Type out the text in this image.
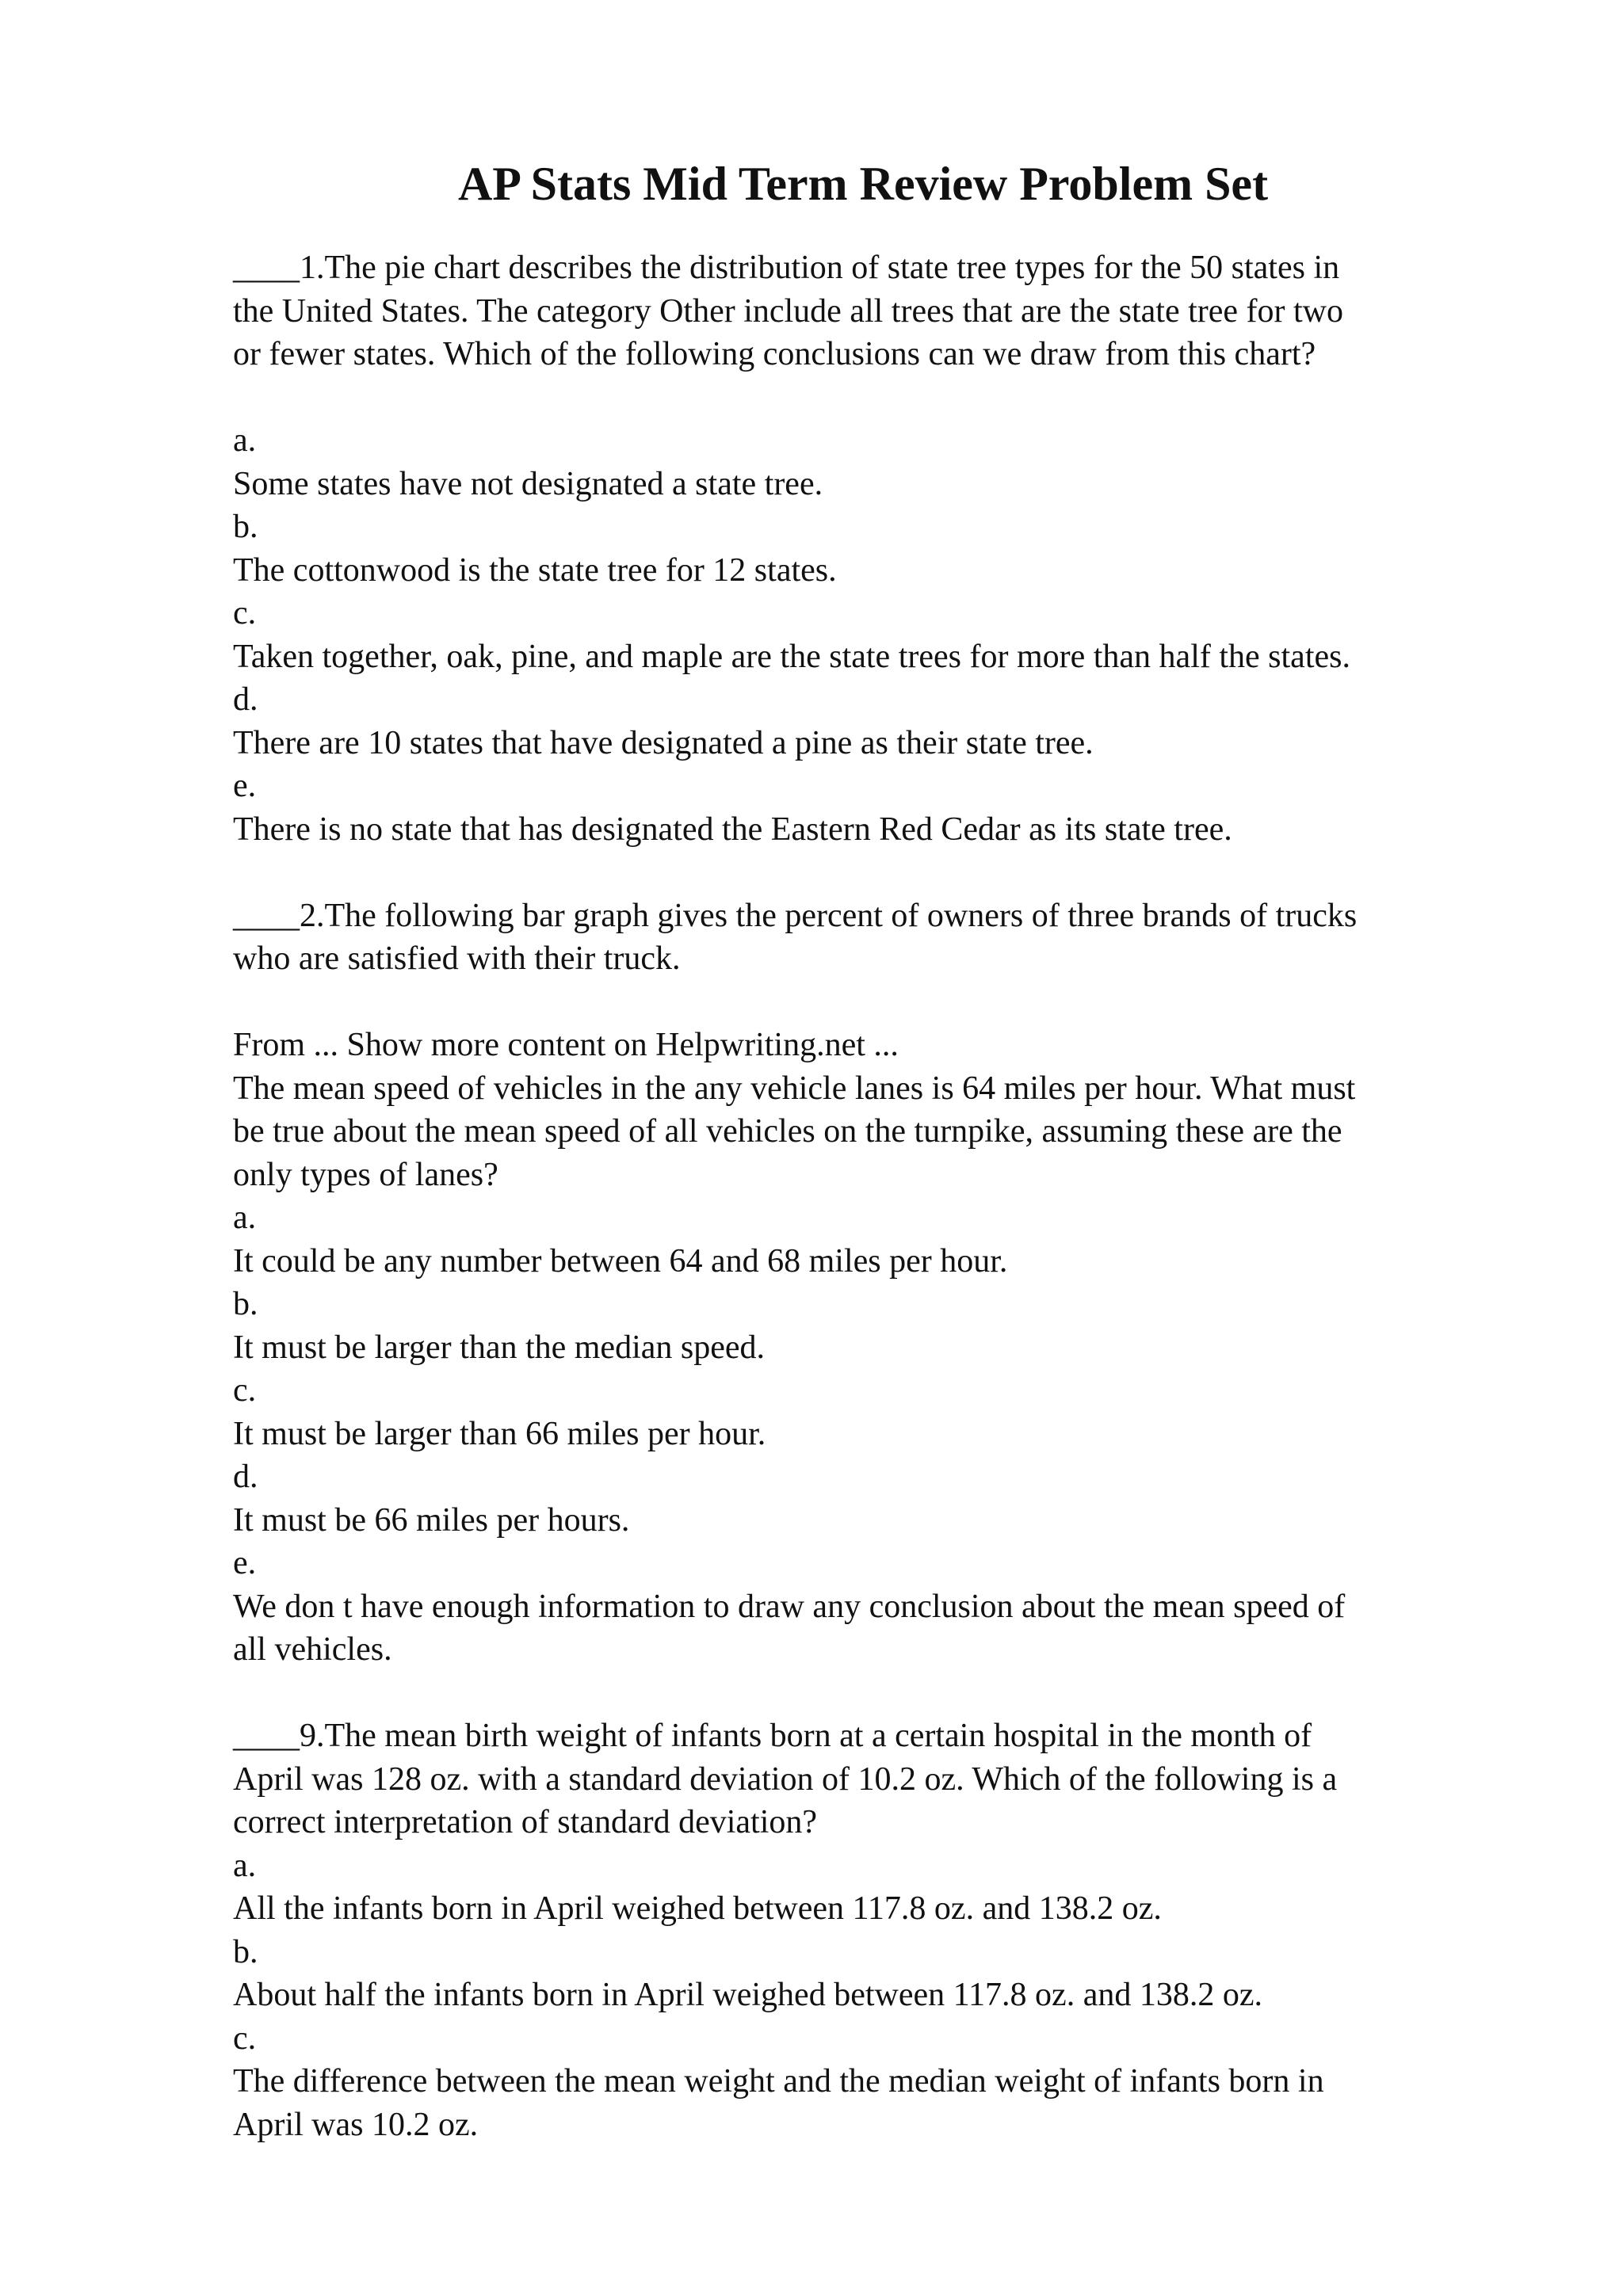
AP Stats Mid Term Review Problem Set
____1.The pie chart describes the distribution of state tree types for the 50 states in
the United States. The category Other include all trees that are the state tree for two
or fewer states. Which of the following conclusions can we draw from this chart?
a.
Some states have not designated a state tree.
b.
The cottonwood is the state tree for 12 states.
c.
Taken together, oak, pine, and maple are the state trees for more than half the states.
d.
There are 10 states that have designated a pine as their state tree.
e.
There is no state that has designated the Eastern Red Cedar as its state tree.
____2.The following bar graph gives the percent of owners of three brands of trucks
who are satisfied with their truck.
From ... Show more content on Helpwriting.net ...
The mean speed of vehicles in the any vehicle lanes is 64 miles per hour. What must
be true about the mean speed of all vehicles on the turnpike, assuming these are the
only types of lanes?
a.
It could be any number between 64 and 68 miles per hour.
b.
It must be larger than the median speed.
c.
It must be larger than 66 miles per hour.
d.
It must be 66 miles per hours.
e.
We don t have enough information to draw any conclusion about the mean speed of
all vehicles.
____9.The mean birth weight of infants born at a certain hospital in the month of
April was 128 oz. with a standard deviation of 10.2 oz. Which of the following is a
correct interpretation of standard deviation?
a.
All the infants born in April weighed between 117.8 oz. and 138.2 oz.
b.
About half the infants born in April weighed between 117.8 oz. and 138.2 oz.
c.
The difference between the mean weight and the median weight of infants born in
April was 10.2 oz.
